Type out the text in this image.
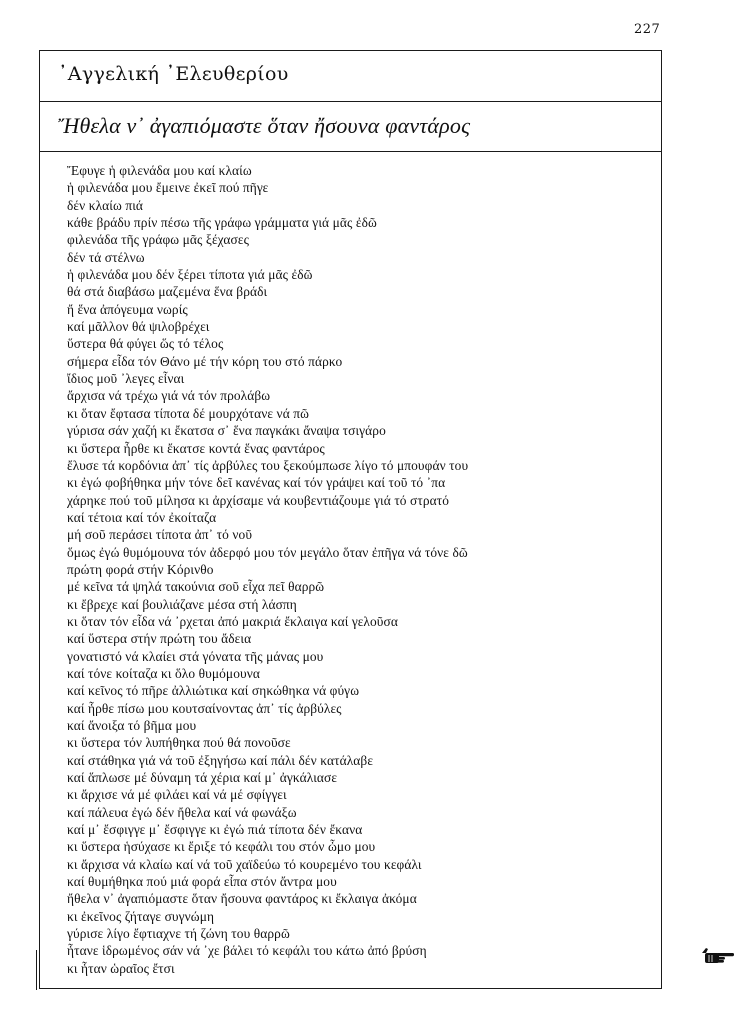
227
᾿Αγγελική ᾿Ελευθερίου
Ἤθελα ν᾿ ἀγαπιόμαστε ὅταν ἤσουνα φαντάρος
Ἔφυγε ἡ φιλενάδα μου καί κλαίω
ἡ φιλενάδα μου ἔμεινε ἐκεῖ πού πῆγε
δέν κλαίω πιά
κάθε βράδυ πρίν πέσω τῆς γράφω γράμματα γιά μᾶς ἐδῶ
φιλενάδα τῆς γράφω μᾶς ξέχασες
δέν τά στέλνω
ἡ φιλενάδα μου δέν ξέρει τίποτα γιά μᾶς ἐδῶ
θά στά διαβάσω μαζεμένα ἕνα βράδι
ἤ ἕνα ἀπόγευμα νωρίς
καί μᾶλλον θά ψιλοβρέχει
ὕστερα θά φύγει ὥς τό τέλος
σήμερα εἶδα τόν Θάνο μέ τήν κόρη του στό πάρκο
ἴδιος μοῦ ᾿λεγες εἶναι
ἄρχισα νά τρέχω γιά νά τόν προλάβω
κι ὅταν ἔφτασα τίποτα δέ μουρχότανε νά πῶ
γύρισα σάν χαζή κι ἔκατσα σ᾿ ἕνα παγκάκι ἄναψα τσιγάρο
κι ὕστερα ἦρθε κι ἔκατσε κοντά ἕνας φαντάρος
ἔλυσε τά κορδόνια ἀπ᾿ τίς ἀρβύλες του ξεκούμπωσε λίγο τό μπουφάν του
κι ἐγώ φοβήθηκα μήν τόνε δεῖ κανένας καί τόν γράψει καί τοῦ τό ᾿πα
χάρηκε πού τοῦ μίλησα κι ἀρχίσαμε νά κουβεντιάζουμε γιά τό στρατό
καί τέτοια καί τόν ἐκοίταζα
μή σοῦ περάσει τίποτα ἀπ᾿ τό νοῦ
ὅμως ἐγώ θυμόμουνα τόν ἀδερφό μου τόν μεγάλο ὅταν ἐπῆγα νά τόνε δῶ
πρώτη φορά στήν Κόρινθο
μέ κεῖνα τά ψηλά τακούνια σοῦ εἶχα πεῖ θαρρῶ
κι ἔβρεχε καί βουλιάζανε μέσα στή λάσπη
κι ὅταν τόν εἶδα νά ᾿ρχεται ἀπό μακριά ἔκλαιγα καί γελοῦσα
καί ὕστερα στήν πρώτη του ἄδεια
γονατιστό νά κλαίει στά γόνατα τῆς μάνας μου
καί τόνε κοίταζα κι ὅλο θυμόμουνα
καί κεῖνος τό πῆρε ἀλλιώτικα καί σηκώθηκα νά φύγω
καί ἦρθε πίσω μου κουτσαίνοντας ἀπ᾿ τίς ἀρβύλες
καί ἄνοιξα τό βῆμα μου
κι ὕστερα τόν λυπήθηκα πού θά πονοῦσε
καί στάθηκα γιά νά τοῦ ἐξηγήσω καί πάλι δέν κατάλαβε
καί ἅπλωσε μέ δύναμη τά χέρια καί μ᾿ ἀγκάλιασε
κι ἄρχισε νά μέ φιλάει καί νά μέ σφίγγει
καί πάλευα ἐγώ δέν ἤθελα καί νά φωνάξω
καί μ᾿ ἔσφιγγε μ᾿ ἔσφιγγε κι ἐγώ πιά τίποτα δέν ἔκανα
κι ὕστερα ἡσύχασε κι ἔριξε τό κεφάλι του στόν ὦμο μου
κι ἄρχισα νά κλαίω καί νά τοῦ χαϊδεύω τό κουρεμένο του κεφάλι
καί θυμήθηκα πού μιά φορά εἶπα στόν ἄντρα μου
ἤθελα ν᾿ ἀγαπιόμαστε ὅταν ἤσουνα φαντάρος κι ἔκλαιγα ἀκόμα
κι ἐκεῖνος ζήταγε συγνώμη
γύρισε λίγο ἔφτιαχνε τή ζώνη του θαρρῶ
ἦτανε ἱδρωμένος σάν νά ᾿χε βάλει τό κεφάλι του κάτω ἀπό βρύση
κι ἦταν ὡραῖος ἔτσι
